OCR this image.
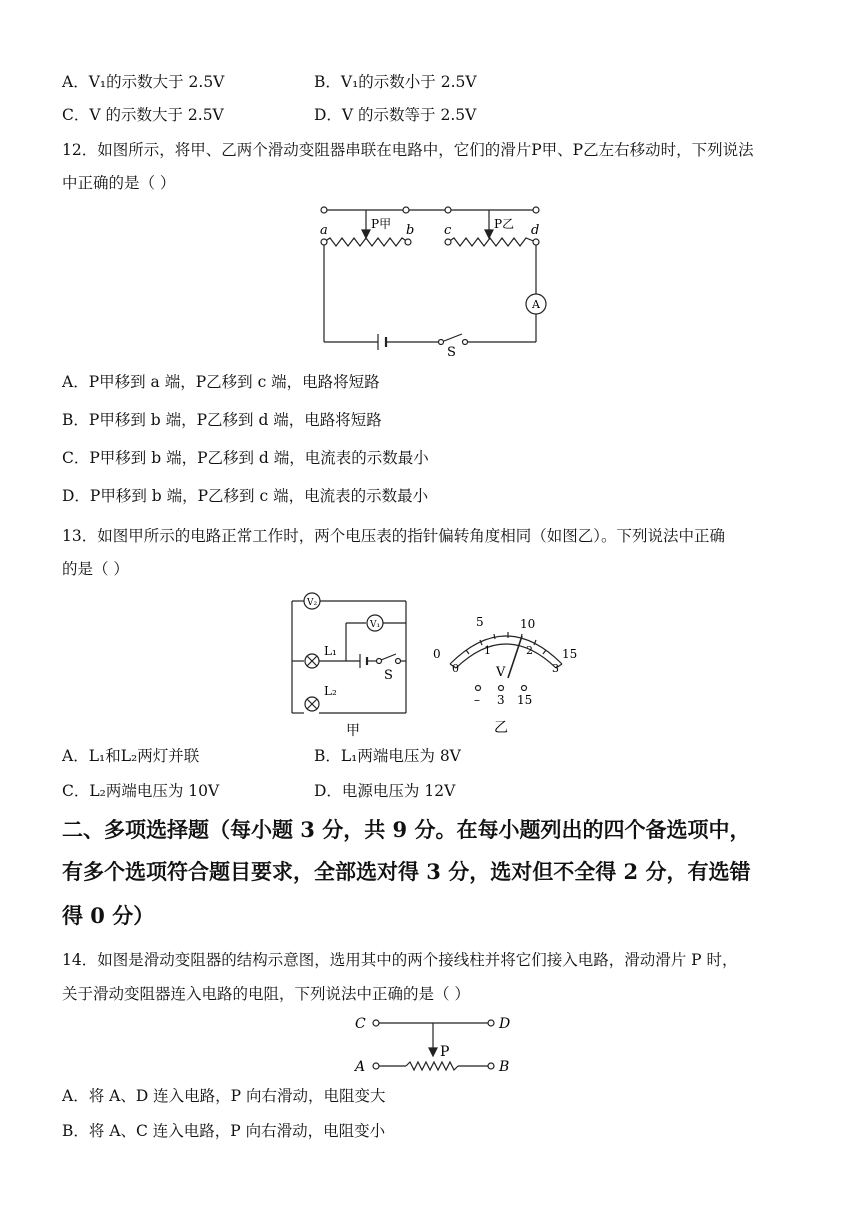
A．V₁的示数大于 2.5V	B．V₁的示数小于 2.5V
C．V 的示数大于 2.5V	D．V 的示数等于 2.5V
12．如图所示，将甲、乙两个滑动变阻器串联在电路中，它们的滑片P甲、P乙左右移动时，下列说法
中正确的是（ ）
a	b c	d
P甲	P乙
A
S
A．P甲移到 a 端，P乙移到 c 端，电路将短路
B．P甲移到 b 端，P乙移到 d 端，电路将短路
C．P甲移到 b 端，P乙移到 d 端，电流表的示数最小
D．P甲移到 b 端，P乙移到 c 端，电流表的示数最小
13．如图甲所示的电路正常工作时，两个电压表的指针偏转角度相同（如图乙）。下列说法中正确
的是（ ）
V₂
V₁
L₁
L₂
S
甲
0
5	10
15
0
1	2
3
V
– 3 15
乙
A．L₁和L₂两灯并联	B．L₁两端电压为 8V
C．L₂两端电压为 10V	D．电源电压为 12V
二、多项选择题（每小题 3 分，共 9 分。在每小题列出的四个备选项中，
有多个选项符合题目要求，全部选对得 3 分，选对但不全得 2 分，有选错
得 0 分）
14．如图是滑动变阻器的结构示意图，选用其中的两个接线柱并将它们接入电路，滑动滑片 P 时，
关于滑动变阻器连入电路的电阻，下列说法中正确的是（ ）
C	D
A	B
P
A．将 A、D 连入电路，P 向右滑动，电阻变大
B．将 A、C 连入电路，P 向右滑动，电阻变小
